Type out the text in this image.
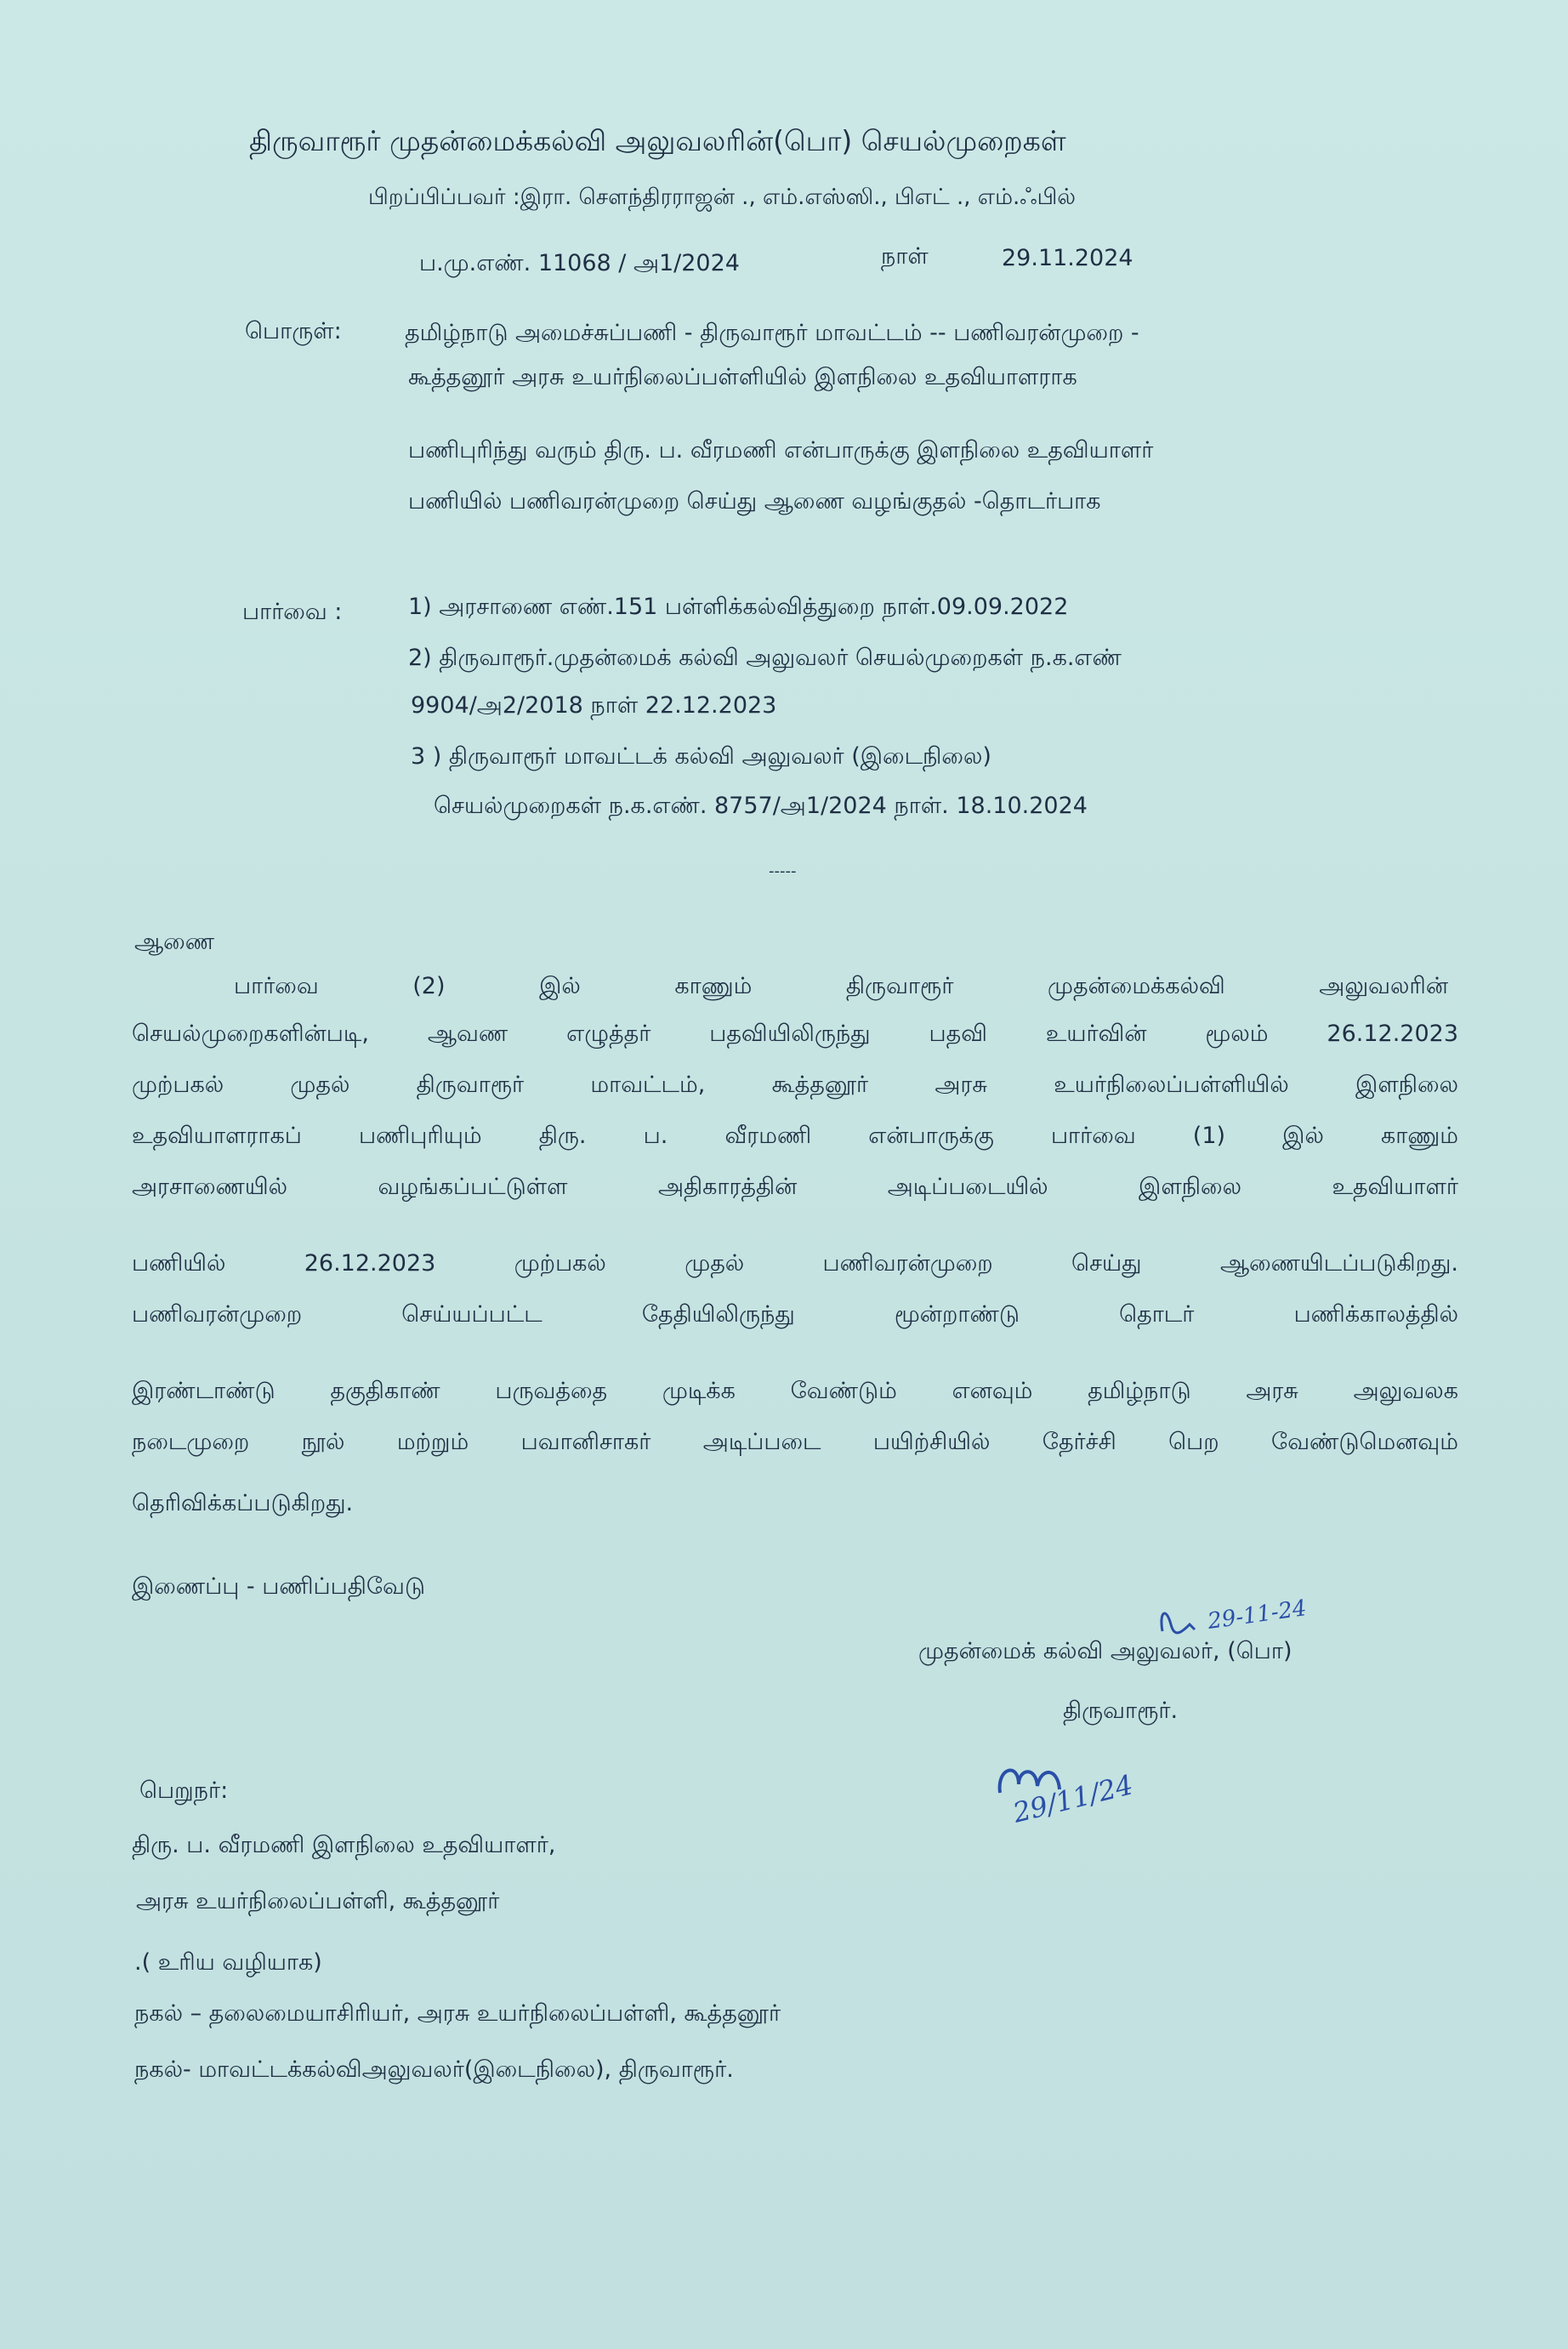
திருவாரூர் முதன்மைக்கல்வி அலுவலரின்(பொ) செயல்முறைகள்
பிறப்பிப்பவர் :இரா. சௌந்திரராஜன் ., எம்.எஸ்ஸி., பிஎட் ., எம்.ஃபில்
ப.மு.எண். 11068 / அ1/2024	நாள்	29.11.2024
பொருள்:	தமிழ்நாடு அமைச்சுப்பணி - திருவாரூர் மாவட்டம் -- பணிவரன்முறை -
கூத்தனூர் அரசு உயர்நிலைப்பள்ளியில் இளநிலை உதவியாளராக
பணிபுரிந்து வரும் திரு. ப. வீரமணி என்பாருக்கு இளநிலை உதவியாளர்
பணியில் பணிவரன்முறை செய்து ஆணை வழங்குதல் -தொடர்பாக
பார்வை :	1) அரசாணை எண்.151 பள்ளிக்கல்வித்துறை நாள்.09.09.2022
2) திருவாரூர்.முதன்மைக் கல்வி அலுவலர் செயல்முறைகள் ந.க.எண்
9904/அ2/2018 நாள் 22.12.2023
3 ) திருவாரூர் மாவட்டக் கல்வி அலுவலர் (இடைநிலை)
செயல்முறைகள் ந.க.எண். 8757/அ1/2024 நாள். 18.10.2024
-----
ஆணை
பார்வை (2) இல் காணும் திருவாரூர் முதன்மைக்கல்வி அலுவலரின்
செயல்முறைகளின்படி, ஆவண எழுத்தர் பதவியிலிருந்து பதவி உயர்வின் மூலம் 26.12.2023
முற்பகல் முதல் திருவாரூர் மாவட்டம், கூத்தனூர் அரசு உயர்நிலைப்பள்ளியில் இளநிலை
உதவியாளராகப் பணிபுரியும் திரு. ப. வீரமணி என்பாருக்கு பார்வை (1) இல் காணும்
அரசாணையில் வழங்கப்பட்டுள்ள அதிகாரத்தின் அடிப்படையில் இளநிலை உதவியாளர்
பணியில் 26.12.2023 முற்பகல் முதல் பணிவரன்முறை செய்து ஆணையிடப்படுகிறது.
பணிவரன்முறை செய்யப்பட்ட தேதியிலிருந்து மூன்றாண்டு தொடர் பணிக்காலத்தில்
இரண்டாண்டு தகுதிகாண் பருவத்தை முடிக்க வேண்டும் எனவும் தமிழ்நாடு அரசு அலுவலக
நடைமுறை நூல் மற்றும் பவானிசாகர் அடிப்படை பயிற்சியில் தேர்ச்சி பெற வேண்டுமெனவும்
தெரிவிக்கப்படுகிறது.
இணைப்பு - பணிப்பதிவேடு
29-11-24
முதன்மைக் கல்வி அலுவலர், (பொ)
திருவாரூர்.
29/11/24
பெறுநர்:
திரு. ப. வீரமணி இளநிலை உதவியாளர்,
அரசு உயர்நிலைப்பள்ளி, கூத்தனூர்
.( உரிய வழியாக)
நகல் – தலைமையாசிரியர், அரசு உயர்நிலைப்பள்ளி, கூத்தனூர்
நகல்- மாவட்டக்கல்விஅலுவலர்(இடைநிலை), திருவாரூர்.
